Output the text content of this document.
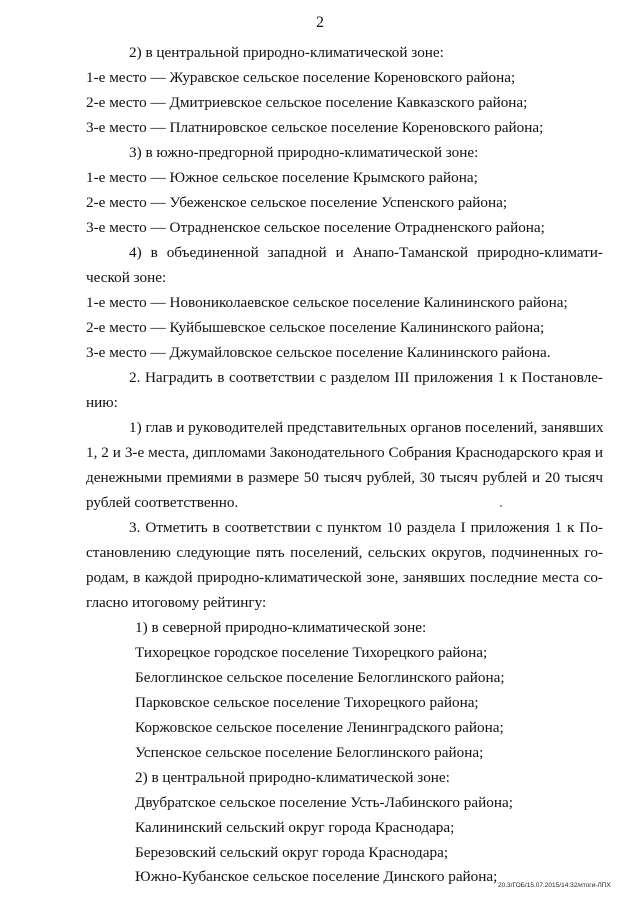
2
2) в центральной природно-климатической зоне:
1-е место — Журавское сельское поселение Кореновского района;
2-е место — Дмитриевское сельское поселение Кавказского района;
3-е место — Платнировское сельское поселение Кореновского района;
3) в южно-предгорной природно-климатической зоне:
1-е место — Южное сельское поселение Крымского района;
2-е место — Убеженское сельское поселение Успенского района;
3-е место — Отрадненское сельское поселение Отрадненского района;
4) в объединенной западной и Анапо-Таманской природно-климати-
ческой зоне:
1-е место — Новониколаевское сельское поселение Калининского района;
2-е место — Куйбышевское сельское поселение Калининского района;
3-е место — Джумайловское сельское поселение Калининского района.
2. Наградить в соответствии с разделом III приложения 1 к Постановле-
нию:
1) глав и руководителей представительных органов поселений, занявших
1, 2 и 3-е места, дипломами Законодательного Собрания Краснодарского края и
денежными премиями в размере 50 тысяч рублей, 30 тысяч рублей и 20 тысяч
рублей соответственно.
3. Отметить в соответствии с пунктом 10 раздела I приложения 1 к По-
становлению следующие пять поселений, сельских округов, подчиненных го-
родам, в каждой природно-климатической зоне, занявших последние места со-
гласно итоговому рейтингу:
1) в северной природно-климатической зоне:
Тихорецкое городское поселение Тихорецкого района;
Белоглинское сельское поселение Белоглинского района;
Парковское сельское поселение Тихорецкого района;
Коржовское сельское поселение Ленинградского района;
Успенское сельское поселение Белоглинского района;
2) в центральной природно-климатической зоне:
Двубратское сельское поселение Усть-Лабинского района;
Калининский сельский округ города Краснодара;
Березовский сельский округ города Краснодара;
Южно-Кубанское сельское поселение Динского района;
20.3/ГОБ/15.07.2015/14:32/итоги-ЛПХ
